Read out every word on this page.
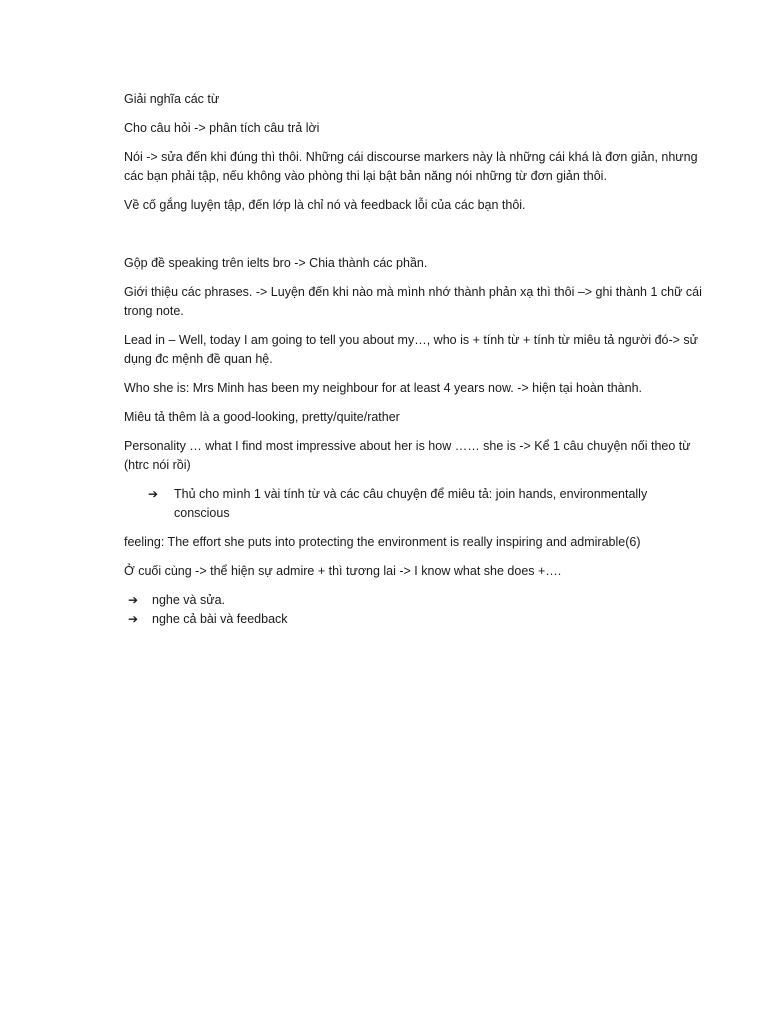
Giải nghĩa các từ

Cho câu hỏi -> phân tích câu trả lời

Nói -> sửa đến khi đúng thì thôi. Những cái discourse markers này là những cái khá là đơn giản, nhưng các bạn phải tập, nếu không vào phòng thi lại bật bản năng nói những từ đơn giản thôi.

Về cố gắng luyện tập, đến lớp là chỉ nó và feedback lỗi của các bạn thôi.

Gộp đề speaking trên ielts bro -> Chia thành các phần.

Giới thiệu các phrases. -> Luyện đến khi nào mà mình nhớ thành phản xạ thì thôi –> ghi thành 1 chữ cái trong note.

Lead in – Well, today I am going to tell you about my…, who is + tính từ + tính từ miêu tả người đó-> sử dụng đc mệnh đề quan hệ.

Who she is: Mrs Minh has been my neighbour for at least 4 years now. -> hiện tại hoàn thành.

Miêu tả thêm là a good-looking, pretty/quite/rather

Personality … what I find most impressive about her is how …… she is -> Kể 1 câu chuyện nối theo từ (htrc nói rồi)

➔	Thủ cho mình 1 vài tính từ và các câu chuyện để miêu tả: join hands, environmentally conscious

feeling: The effort she puts into protecting the environment is really inspiring and admirable(6)

Ở cuối cùng -> thể hiện sự admire + thì tương lai -> I know what she does +….

➔	nghe và sửa.
➔	nghe cả bài và feedback
